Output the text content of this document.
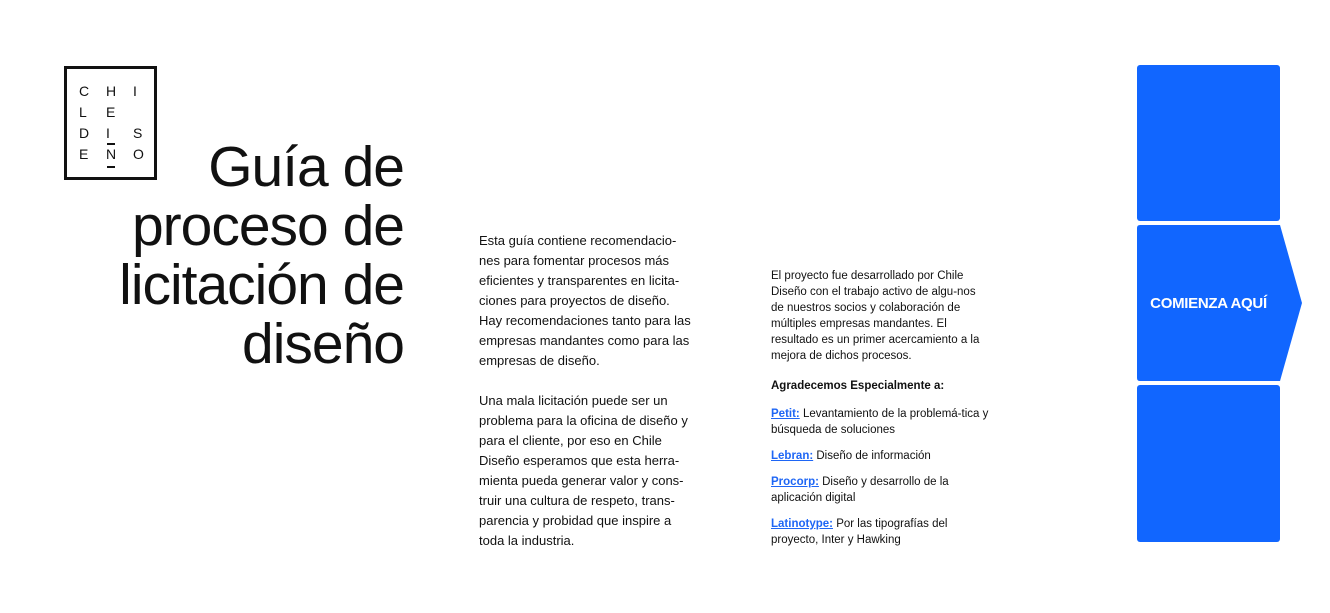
C	H	I
L	E
D	I	S
E	N	O	Guía de
proceso de
licitación de
diseño

Esta guía contiene recomendacio-nes para fomentar procesos más eficientes y transparentes en licita-ciones para proyectos de diseño. Hay recomendaciones tanto para las empresas mandantes como para las empresas de diseño.

Una mala licitación puede ser un problema para la oficina de diseño y para el cliente, por eso en Chile Diseño esperamos que esta herra-mienta pueda generar valor y cons-truir una cultura de respeto, trans-parencia y probidad que inspire a toda la industria.

El proyecto fue desarrollado por Chile Diseño con el trabajo activo de algu-nos de nuestros socios y colaboración de múltiples empresas mandantes. El resultado es un primer acercamiento a la mejora de dichos procesos.

Agradecemos Especialmente a:

Petit: Levantamiento de la problemá-tica y búsqueda de soluciones

Lebran: Diseño de información

Procorp: Diseño y desarrollo de la aplicación digital

Latinotype: Por las tipografías del proyecto, Inter y Hawking

COMIENZA AQUÍ
